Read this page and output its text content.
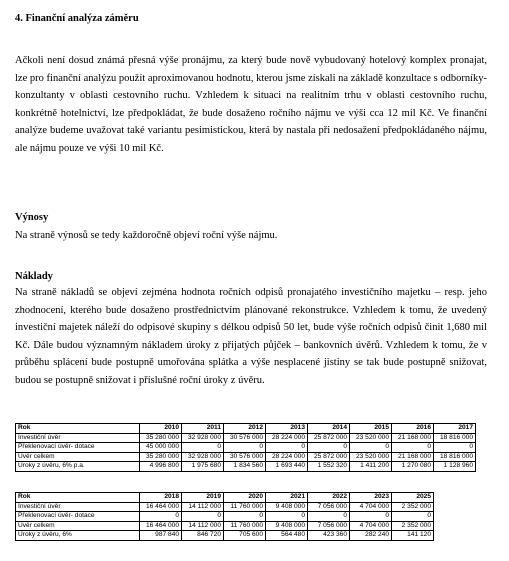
4. Finanční analýza záměru

Ačkoli není dosud známá přesná výše pronájmu, za který bude nově vybudovaný hotelový komplex pronajat, lze pro finanční analýzu použít aproximovanou hodnotu, kterou jsme získali na základě konzultace s odborníky- konzultanty v oblasti cestovního ruchu. Vzhledem k situaci na realitním trhu v oblasti cestovního ruchu, konkrétně hotelnictví, lze předpokládat, že bude dosaženo ročního nájmu ve výši cca 12 mil Kč. Ve finanční analýze budeme uvažovat také variantu pesimistickou, která by nastala při nedosažení předpokládaného nájmu, ale nájmu pouze ve výši 10 mil Kč.

Výnosy
Na straně výnosů se tedy každoročně objeví roční výše nájmu.
Náklady

Na straně nákladů se objeví zejména hodnota ročních odpisů pronajatého investičního majetku – resp. jeho zhodnocení, kterého bude dosaženo prostřednictvím plánované rekonstrukce. Vzhledem k tomu, že uvedený investiční majetek náleží do odpisové skupiny s délkou odpisů 50 let, bude výše ročních odpisů činit 1,680 mil Kč. Dále budou významným nákladem úroky z přijatých půjček – bankovních úvěrů. Vzhledem k tomu, že v průběhu splácení bude postupně umořována splátka a výše nesplacené jistiny se tak bude postupně snižovat, budou se postupně snižovat i příslušné roční úroky z úvěru.

Rok	2010	2011	2012	2013	2014	2015	2016	2017
Investiční úvěr	35 280 000	32 928 000	30 576 000	28 224 000	25 872 000	23 520 000	21 168 000	18 816 000
Překlenovací úvěr- dotace	45 000 000	0	0	0	0	0	0	0
Úvěr celkem	35 280 000	32 928 000	30 576 000	28 224 000	25 872 000	23 520 000	21 168 000	18 816 000
Úroky z úvěru, 6% p.a.	4 996 800	1 975 680	1 834 560	1 693 440	1 552 320	1 411 200	1 270 080	1 128 960
Rok	2018	2019	2020	2021	2022	2023	2025
Investiční úvěr	16 464 000	14 112 000	11 760 000	9 408 000	7 056 000	4 704 000	2 352 000
Překlenovací úvěr- dotace	0	0	0	0	0	0	0
Úvěr celkem	16 464 000	14 112 000	11 760 000	9 408 000	7 056 000	4 704 000	2 352 000
Úroky z úvěru, 6%	987 840	846 720	705 600	564 480	423 360	282 240	141 120
